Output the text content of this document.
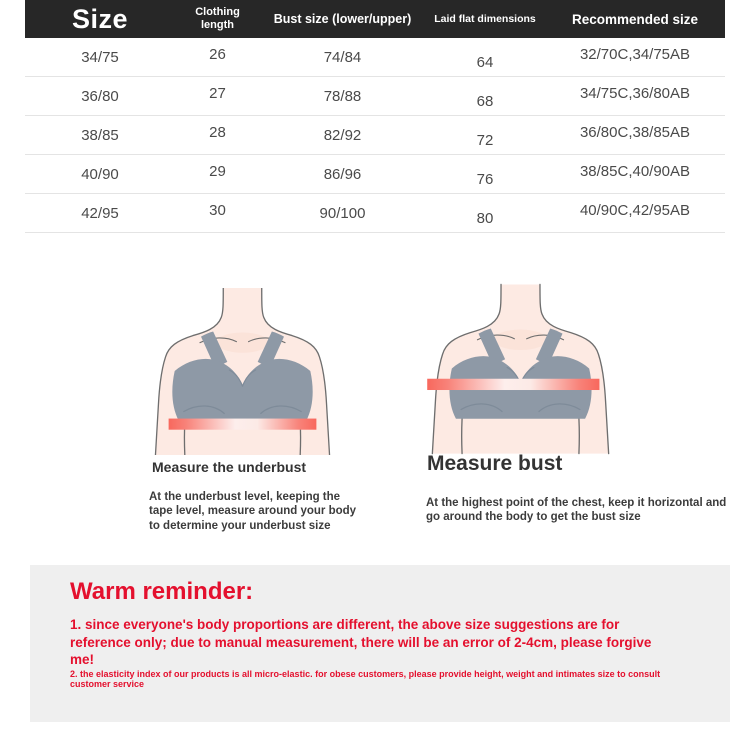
Size	Clothing length	Bust size (lower/upper)	Laid flat dimensions	Recommended size
34/75	26	74/84	64	32/70C,34/75AB
36/80	27	78/88	68	34/75C,36/80AB
38/85	28	82/92	72	36/80C,38/85AB
40/90	29	86/96	76	38/85C,40/90AB
42/95	30	90/100	80	40/90C,42/95AB
Measure the underbust
At the underbust level, keeping the tape level, measure around your body to determine your underbust size
Measure bust
At the highest point of the chest, keep it horizontal and go around the body to get the bust size
Warm reminder:
1. since everyone's body proportions are different, the above size suggestions are for reference only; due to manual measurement, there will be an error of 2-4cm, please forgive me!
2. the elasticity index of our products is all micro-elastic. for obese customers, please provide height, weight and intimates size to consult customer service
